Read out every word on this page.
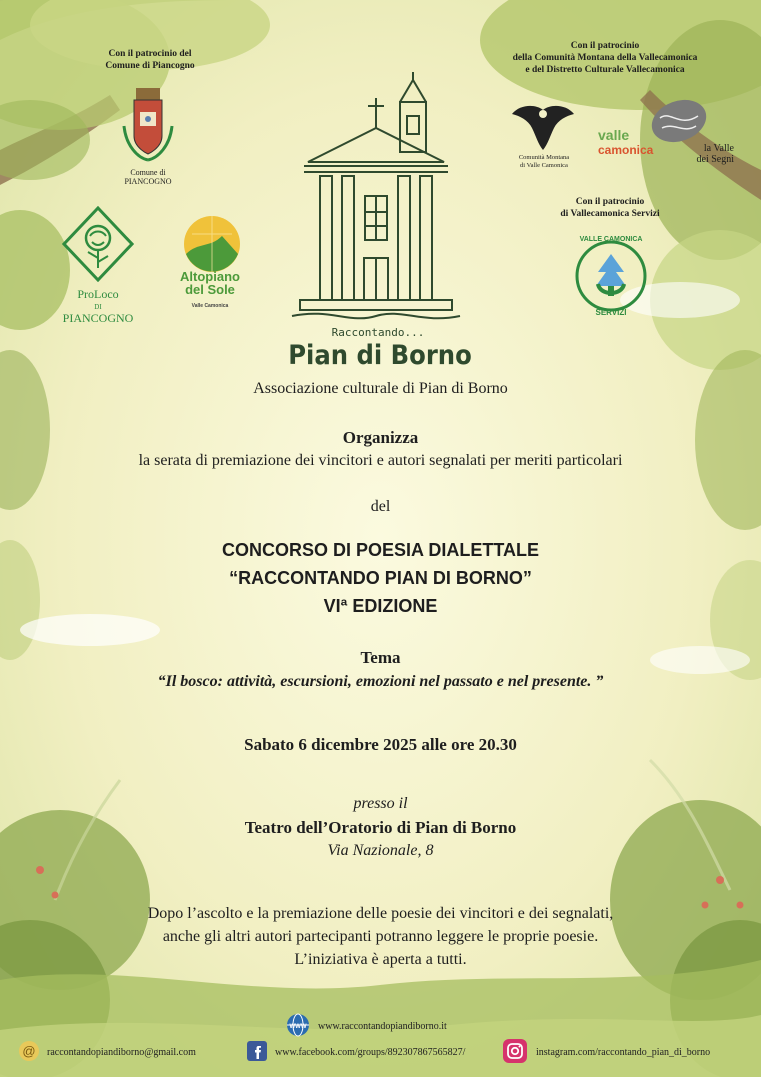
Con il patrocinio del
Comune di Piancogno
Con il patrocinio
della Comunità Montana della Vallecamonica
e del Distretto Culturale Vallecamonica
Con il patrocinio
di Vallecamonica Servizi
Comune di
PIANCOGNO
ProLoco
DI
PIANCOGNO
Altopiano
del Sole
Valle Camonica
Raccontando...
Pian di Borno
Comunità Montana
di Valle Camonica
valle
camonica	la Valle
dei Segni
VALLE CAMONICA
SERVIZI
Associazione culturale di Pian di Borno
Organizza
la serata di premiazione dei vincitori e autori segnalati per meriti particolari
del
CONCORSO DI POESIA DIALETTALE
“RACCONTANDO PIAN DI BORNO”
VIª EDIZIONE
Tema
“Il bosco: attività, escursioni, emozioni nel passato e nel presente. ”
Sabato 6 dicembre 2025 alle ore 20.30
presso il
Teatro dell’Oratorio di Pian di Borno
Via Nazionale, 8
Dopo l’ascolto e la premiazione delle poesie dei vincitori e dei segnalati,
anche gli altri autori partecipanti potranno leggere le proprie poesie.
L’iniziativa è aperta a tutti.
WWW www.raccontandopiandiborno.it
@ raccontandopiandiborno@gmail.com	www.facebook.com/groups/892307867565827/	instagram.com/raccontando_pian_di_borno
